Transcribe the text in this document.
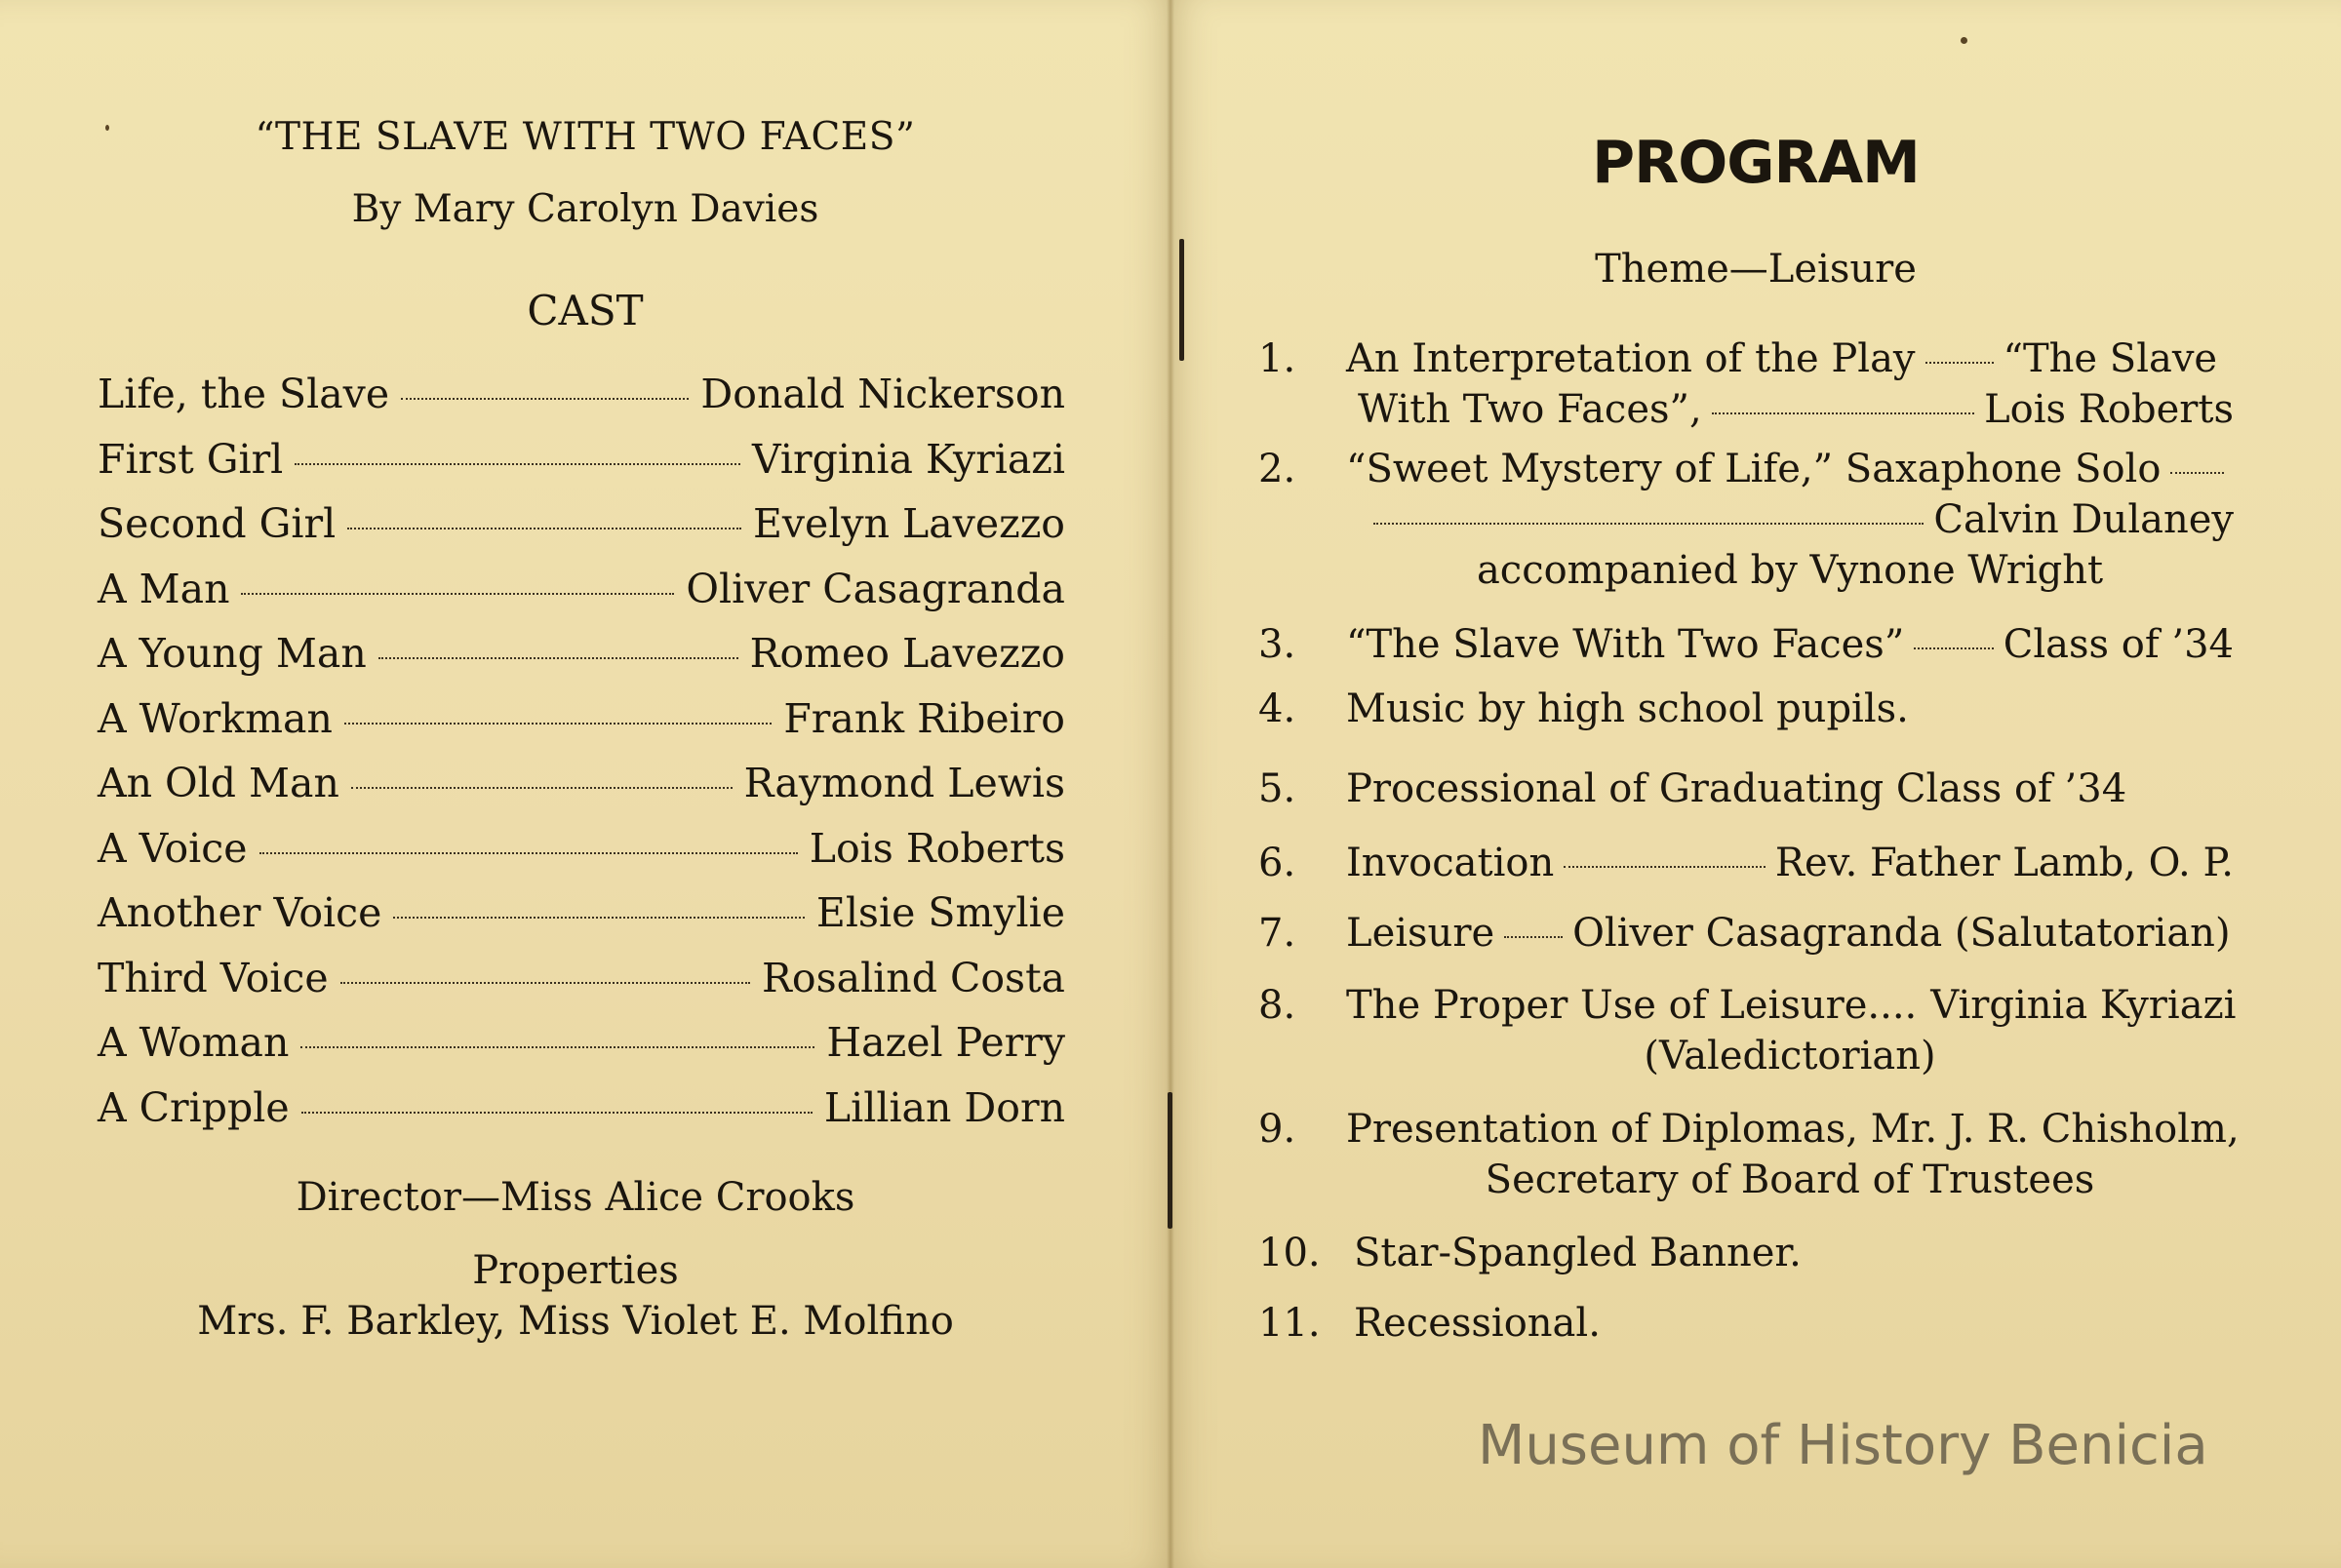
“THE SLAVE WITH TWO FACES”
By Mary Carolyn Davies
CAST
Life, the Slave	Donald Nickerson
First Girl	Virginia Kyriazi
Second Girl	Evelyn Lavezzo
A Man	Oliver Casagranda
A Young Man	Romeo Lavezzo
A Workman	Frank Ribeiro
An Old Man	Raymond Lewis
A Voice	Lois Roberts
Another Voice	Elsie Smylie
Third Voice	Rosalind Costa
A Woman	Hazel Perry
A Cripple	Lillian Dorn
Director—Miss Alice Crooks
Properties
Mrs. F. Barkley, Miss Violet E. Molfino
PROGRAM
Theme—Leisure
1.	An Interpretation of the Play “The Slave
With Two Faces”,	Lois Roberts
2.	“Sweet Mystery of Life,” Saxaphone Solo
Calvin Dulaney
accompanied by Vynone Wright
3.	“The Slave With Two Faces”	Class of ’34
4.	Music by high school pupils.
5.	Processional of Graduating Class of ’34
6.	Invocation	Rev. Father Lamb, O. P.
7.	Leisure Oliver Casagranda (Salutatorian)
8.	The Proper Use of Leisure.... Virginia Kyriazi
(Valedictorian)
9.	Presentation of Diplomas, Mr. J. R. Chisholm,
Secretary of Board of Trustees
10. Star-Spangled Banner.
11. Recessional.
Museum of History Benicia
